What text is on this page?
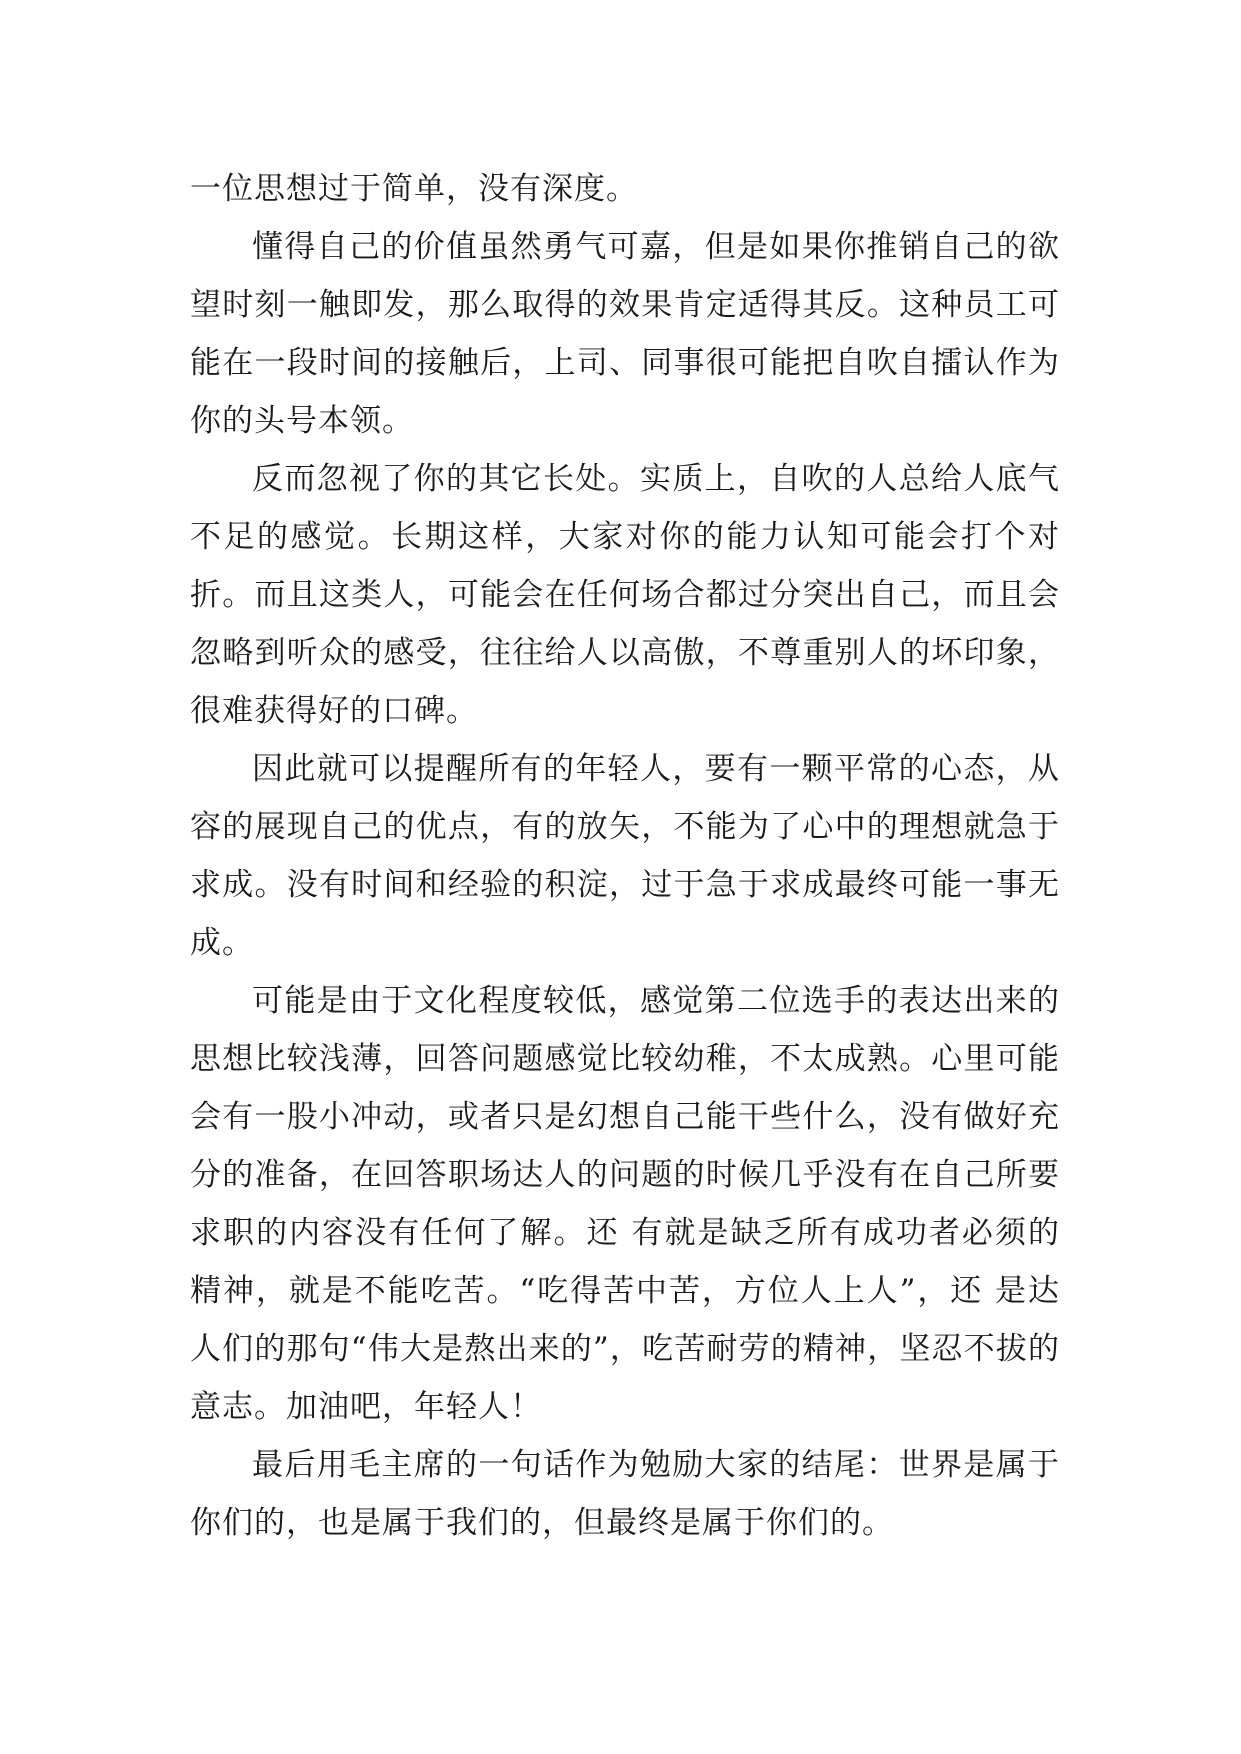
一位思想过于简单，没有深度。

懂得自己的价值虽然勇气可嘉，但是如果你推销自己的欲望时刻一触即发，那么取得的效果肯定适得其反。这种员工可能在一段时间的接触后，上司、同事很可能把自吹自擂认作为你的头号本领。

反而忽视了你的其它长处。实质上，自吹的人总给人底气不足的感觉。长期这样，大家对你的能力认知可能会打个对折。而且这类人，可能会在任何场合都过分突出自己，而且会忽略到听众的感受，往往给人以高傲，不尊重别人的坏印象，很难获得好的口碑。

因此就可以提醒所有的年轻人，要有一颗平常的心态，从容的展现自己的优点，有的放矢，不能为了心中的理想就急于求成。没有时间和经验的积淀，过于急于求成最终可能一事无成。

可能是由于文化程度较低，感觉第二位选手的表达出来的思想比较浅薄，回答问题感觉比较幼稚，不太成熟。心里可能会有一股小冲动，或者只是幻想自己能干些什么，没有做好充分的准备，在回答职场达人的问题的时候几乎没有在自己所要求职的内容没有任何了解。还 有就是缺乏所有成功者必须的精神，就是不能吃苦。“吃得苦中苦，方位人上人”，还 是达人们的那句“伟大是熬出来的”，吃苦耐劳的精神，坚忍不拔的意志。加油吧，年轻人！

最后用毛主席的一句话作为勉励大家的结尾：世界是属于你们的，也是属于我们的，但最终是属于你们的。
